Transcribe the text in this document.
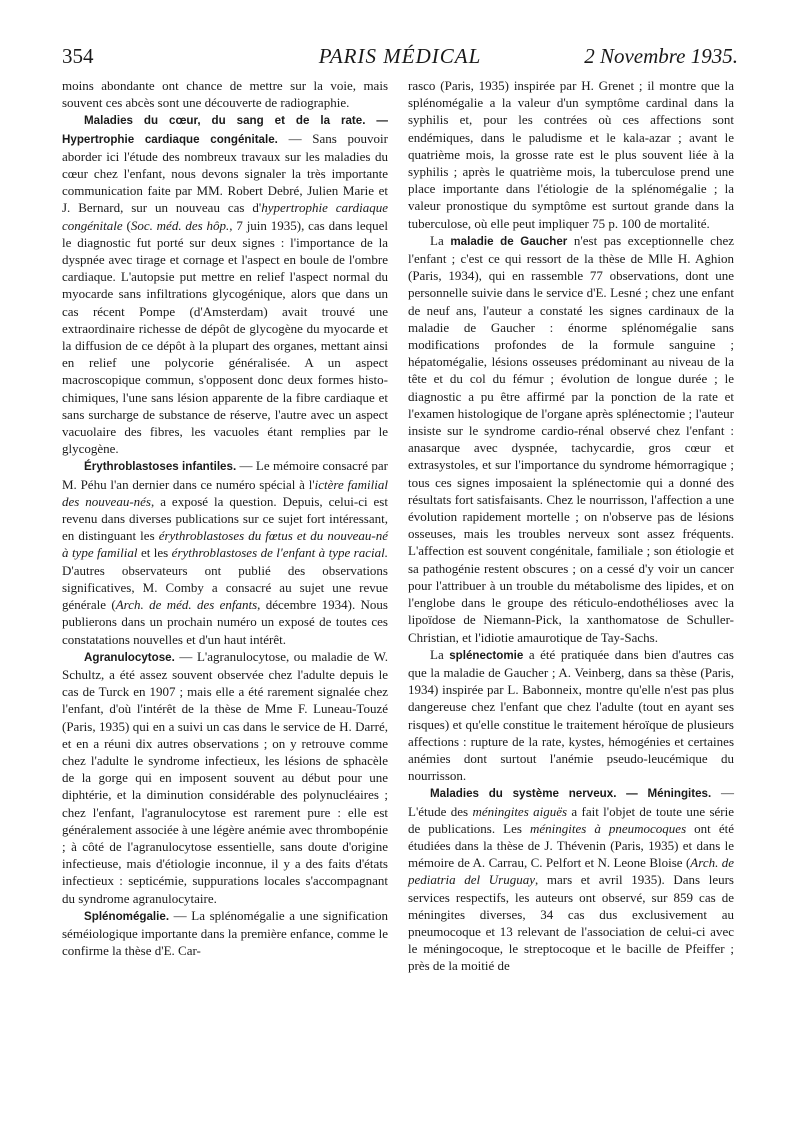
354	PARIS MÉDICAL	2 Novembre 1935.

moins abondante ont chance de mettre sur la voie, mais souvent ces abcès sont une découverte de radiographie.

Maladies du cœur, du sang et de la rate. — Hypertrophie cardiaque congénitale. — Sans pouvoir aborder ici l'étude des nombreux travaux sur les maladies du cœur chez l'enfant, nous devons signaler la très importante communication faite par MM. Robert Debré, Julien Marie et J. Bernard, sur un nouveau cas d'hypertrophie cardiaque congénitale (Soc. méd. des hôp., 7 juin 1935), cas dans lequel le diagnostic fut porté sur deux signes : l'importance de la dyspnée avec tirage et cornage et l'aspect en boule de l'ombre cardiaque. L'autopsie put mettre en relief l'aspect normal du myocarde sans infiltrations glycogénique, alors que dans un cas récent Pompe (d'Amsterdam) avait trouvé une extraordinaire richesse de dépôt de glycogène du myocarde et la diffusion de ce dépôt à la plupart des organes, mettant ainsi en relief une polycorie généralisée. A un aspect macroscopique commun, s'opposent donc deux formes histo-chimiques, l'une sans lésion apparente de la fibre cardiaque et sans surcharge de substance de réserve, l'autre avec un aspect vacuolaire des fibres, les vacuoles étant remplies par le glycogène.

Érythroblastoses infantiles. — Le mémoire consacré par M. Péhu l'an dernier dans ce numéro spécial à l'ictère familial des nouveau-nés, a exposé la question. Depuis, celui-ci est revenu dans diverses publications sur ce sujet fort intéressant, en distinguant les érythroblastoses du fœtus et du nouveau-né à type familial et les érythroblastoses de l'enfant à type racial. D'autres observateurs ont publié des observations significatives, M. Comby a consacré au sujet une revue générale (Arch. de méd. des enfants, décembre 1934). Nous publierons dans un prochain numéro un exposé de toutes ces constatations nouvelles et d'un haut intérêt.

Agranulocytose. — L'agranulocytose, ou maladie de W. Schultz, a été assez souvent observée chez l'adulte depuis le cas de Turck en 1907 ; mais elle a été rarement signalée chez l'enfant, d'où l'intérêt de la thèse de Mme F. Luneau-Touzé (Paris, 1935) qui en a suivi un cas dans le service de H. Darré, et en a réuni dix autres observations ; on y retrouve comme chez l'adulte le syndrome infectieux, les lésions de sphacèle de la gorge qui en imposent souvent au début pour une diphtérie, et la diminution considérable des polynucléaires ; chez l'enfant, l'agranulocytose est rarement pure : elle est généralement associée à une légère anémie avec thrombopénie ; à côté de l'agranulocytose essentielle, sans doute d'origine infectieuse, mais d'étiologie inconnue, il y a des faits d'états infectieux : septicémie, suppurations locales s'accompagnant du syndrome agranulocytaire.

Splénomégalie. — La splénomégalie a une signification séméiologique importante dans la première enfance, comme le confirme la thèse d'E. Car-

rasco (Paris, 1935) inspirée par H. Grenet ; il montre que la splénomégalie a la valeur d'un symptôme cardinal dans la syphilis et, pour les contrées où ces affections sont endémiques, dans le paludisme et le kala-azar ; avant le quatrième mois, la grosse rate est le plus souvent liée à la syphilis ; après le quatrième mois, la tuberculose prend une place importante dans l'étiologie de la splénomégalie ; la valeur pronostique du symptôme est surtout grande dans la tuberculose, où elle peut impliquer 75 p. 100 de mortalité.

La maladie de Gaucher n'est pas exceptionnelle chez l'enfant ; c'est ce qui ressort de la thèse de Mlle H. Aghion (Paris, 1934), qui en rassemble 77 observations, dont une personnelle suivie dans le service d'E. Lesné ; chez une enfant de neuf ans, l'auteur a constaté les signes cardinaux de la maladie de Gaucher : énorme splénomégalie sans modifications profondes de la formule sanguine ; hépatomégalie, lésions osseuses prédominant au niveau de la tête et du col du fémur ; évolution de longue durée ; le diagnostic a pu être affirmé par la ponction de la rate et l'examen histologique de l'organe après splénectomie ; l'auteur insiste sur le syndrome cardio-rénal observé chez l'enfant : anasarque avec dyspnée, tachycardie, gros cœur et extrasystoles, et sur l'importance du syndrome hémorragique ; tous ces signes imposaient la splénectomie qui a donné des résultats fort satisfaisants. Chez le nourrisson, l'affection a une évolution rapidement mortelle ; on n'observe pas de lésions osseuses, mais les troubles nerveux sont assez fréquents. L'affection est souvent congénitale, familiale ; son étiologie et sa pathogénie restent obscures ; on a cessé d'y voir un cancer pour l'attribuer à un trouble du métabolisme des lipides, et on l'englobe dans le groupe des réticulo-endothélioses avec la lipoïdose de Niemann-Pick, la xanthomatose de Schuller-Christian, et l'idiotie amaurotique de Tay-Sachs.

La splénectomie a été pratiquée dans bien d'autres cas que la maladie de Gaucher ; A. Veinberg, dans sa thèse (Paris, 1934) inspirée par L. Babonneix, montre qu'elle n'est pas plus dangereuse chez l'enfant que chez l'adulte (tout en ayant ses risques) et qu'elle constitue le traitement héroïque de plusieurs affections : rupture de la rate, kystes, hémogénies et certaines anémies dont surtout l'anémie pseudo-leucémique du nourrisson.

Maladies du système nerveux. — Méningites. — L'étude des méningites aiguës a fait l'objet de toute une série de publications. Les méningites à pneumocoques ont été étudiées dans la thèse de J. Thévenin (Paris, 1935) et dans le mémoire de A. Carrau, C. Pelfort et N. Leone Bloise (Arch. de pediatria del Uruguay, mars et avril 1935). Dans leurs services respectifs, les auteurs ont observé, sur 859 cas de méningites diverses, 34 cas dus exclusivement au pneumocoque et 13 relevant de l'association de celui-ci avec le méningocoque, le streptocoque et le bacille de Pfeiffer ; près de la moitié de
